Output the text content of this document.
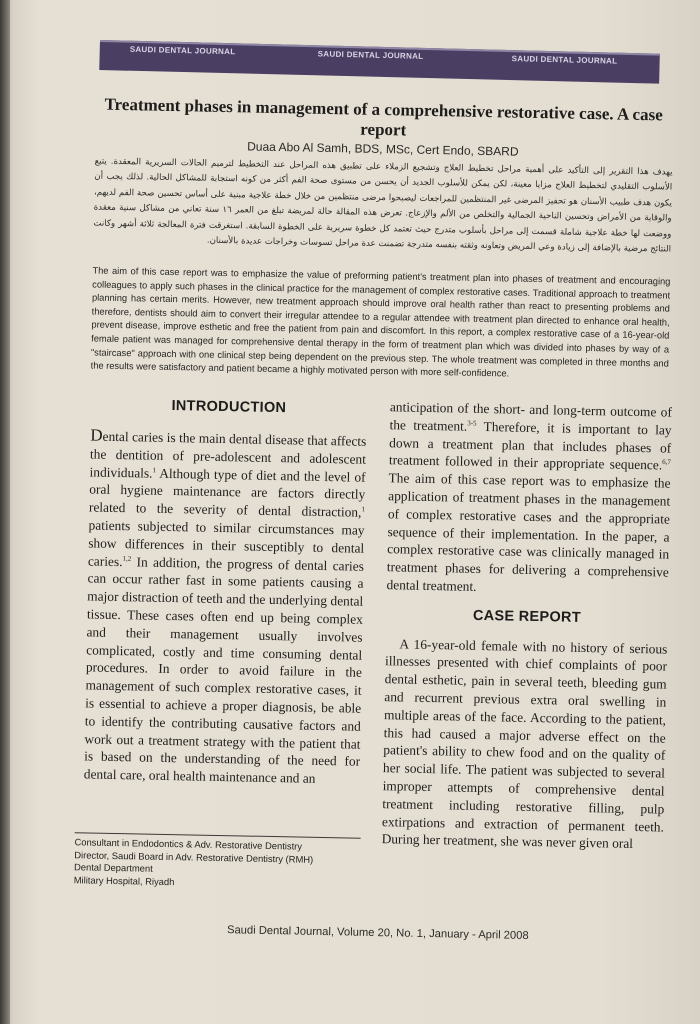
SAUDI DENTAL JOURNAL	SAUDI DENTAL JOURNAL	SAUDI DENTAL JOURNAL
Treatment phases in management of a comprehensive restorative case. A case report
Duaa Abo Al Samh, BDS, MSc, Cert Endo, SBARD
يهدف هذا التقرير إلى التأكيد على أهمية مراحل تخطيط العلاج وتشجيع الزملاء على تطبيق هذه المراحل عند التخطيط لترميم الحالات السريرية المعقدة. يتبع الأسلوب التقليدي لتخطيط العلاج مزايا معينة، لكن يمكن للأسلوب الجديد أن يحسن من مستوى صحة الفم أكثر من كونه استجابة للمشاكل الحالية. لذلك يجب أن يكون هدف طبيب الأسنان هو تحفيز المرضى غير المنتظمين للمراجعات ليصبحوا مرضى منتظمين من خلال خطة علاجية مبنية على أساس تحسين صحة الفم لديهم، والوقاية من الأمراض وتحسين الناحية الجمالية والتخلص من الألم والإزعاج. تعرض هذه المقالة حالة لمريضة تبلغ من العمر ١٦ سنة تعاني من مشاكل سنية معقدة ووضعت لها خطة علاجية شاملة قسمت إلى مراحل بأسلوب متدرج حيث تعتمد كل خطوة سريرية على الخطوة السابقة. استغرقت فترة المعالجة ثلاثة أشهر وكانت النتائج مرضية بالإضافة إلى زيادة وعي المريض وتعاونه وثقته بنفسه متدرجة تضمنت عدة مراحل تسوسات وخراجات عديدة بالأسنان.
The aim of this case report was to emphasize the value of preforming patient's treatment plan into phases of treatment and encouraging colleagues to apply such phases in the clinical practice for the management of complex restorative cases. Traditional approach to treatment planning has certain merits. However, new treatment approach should improve oral health rather than react to presenting problems and therefore, dentists should aim to convert their irregular attendee to a regular attendee with treatment plan directed to enhance oral health, prevent disease, improve esthetic and free the patient from pain and discomfort. In this report, a complex restorative case of a 16-year-old female patient was managed for comprehensive dental therapy in the form of treatment plan which was divided into phases by way of a "staircase" approach with one clinical step being dependent on the previous step. The whole treatment was completed in three months and the results were satisfactory and patient became a highly motivated person with more self-confidence.
INTRODUCTION

Dental caries is the main dental disease that affects the dentition of pre-adolescent and adolescent individuals.$^1$ Although type of diet and the level of oral hygiene maintenance are factors directly related to the severity of dental distraction,$^1$ patients subjected to similar circumstances may show differences in their susceptibly to dental caries.$^{1,2}$ In addition, the progress of dental caries can occur rather fast in some patients causing a major distraction of teeth and the underlying dental tissue. These cases often end up being complex and their management usually involves complicated, costly and time consuming dental procedures. In order to avoid failure in the management of such complex restorative cases, it is essential to achieve a proper diagnosis, be able to identify the contributing causative factors and work out a treatment strategy with the patient that is based on the understanding of the need for dental care, oral health maintenance and an

anticipation of the short- and long-term outcome of the treatment.$^{3-5}$ Therefore, it is important to lay down a treatment plan that includes phases of treatment followed in their appropriate sequence.$^{6,7}$ The aim of this case report was to emphasize the application of treatment phases in the management of complex restorative cases and the appropriate sequence of their implementation. In the paper, a complex restorative case was clinically managed in treatment phases for delivering a comprehensive dental treatment.

CASE REPORT

A 16-year-old female with no history of serious illnesses presented with chief complaints of poor dental esthetic, pain in several teeth, bleeding gum and recurrent previous extra oral swelling in multiple areas of the face. According to the patient, this had caused a major adverse effect on the patient's ability to chew food and on the quality of her social life. The patient was subjected to several improper attempts of comprehensive dental treatment including restorative filling, pulp extirpations and extraction of permanent teeth. During her treatment, she was never given oral

Consultant in Endodontics & Adv. Restorative Dentistry
Director, Saudi Board in Adv. Restorative Dentistry (RMH)
Dental Department
Military Hospital, Riyadh
Saudi Dental Journal, Volume 20, No. 1, January - April 2008
